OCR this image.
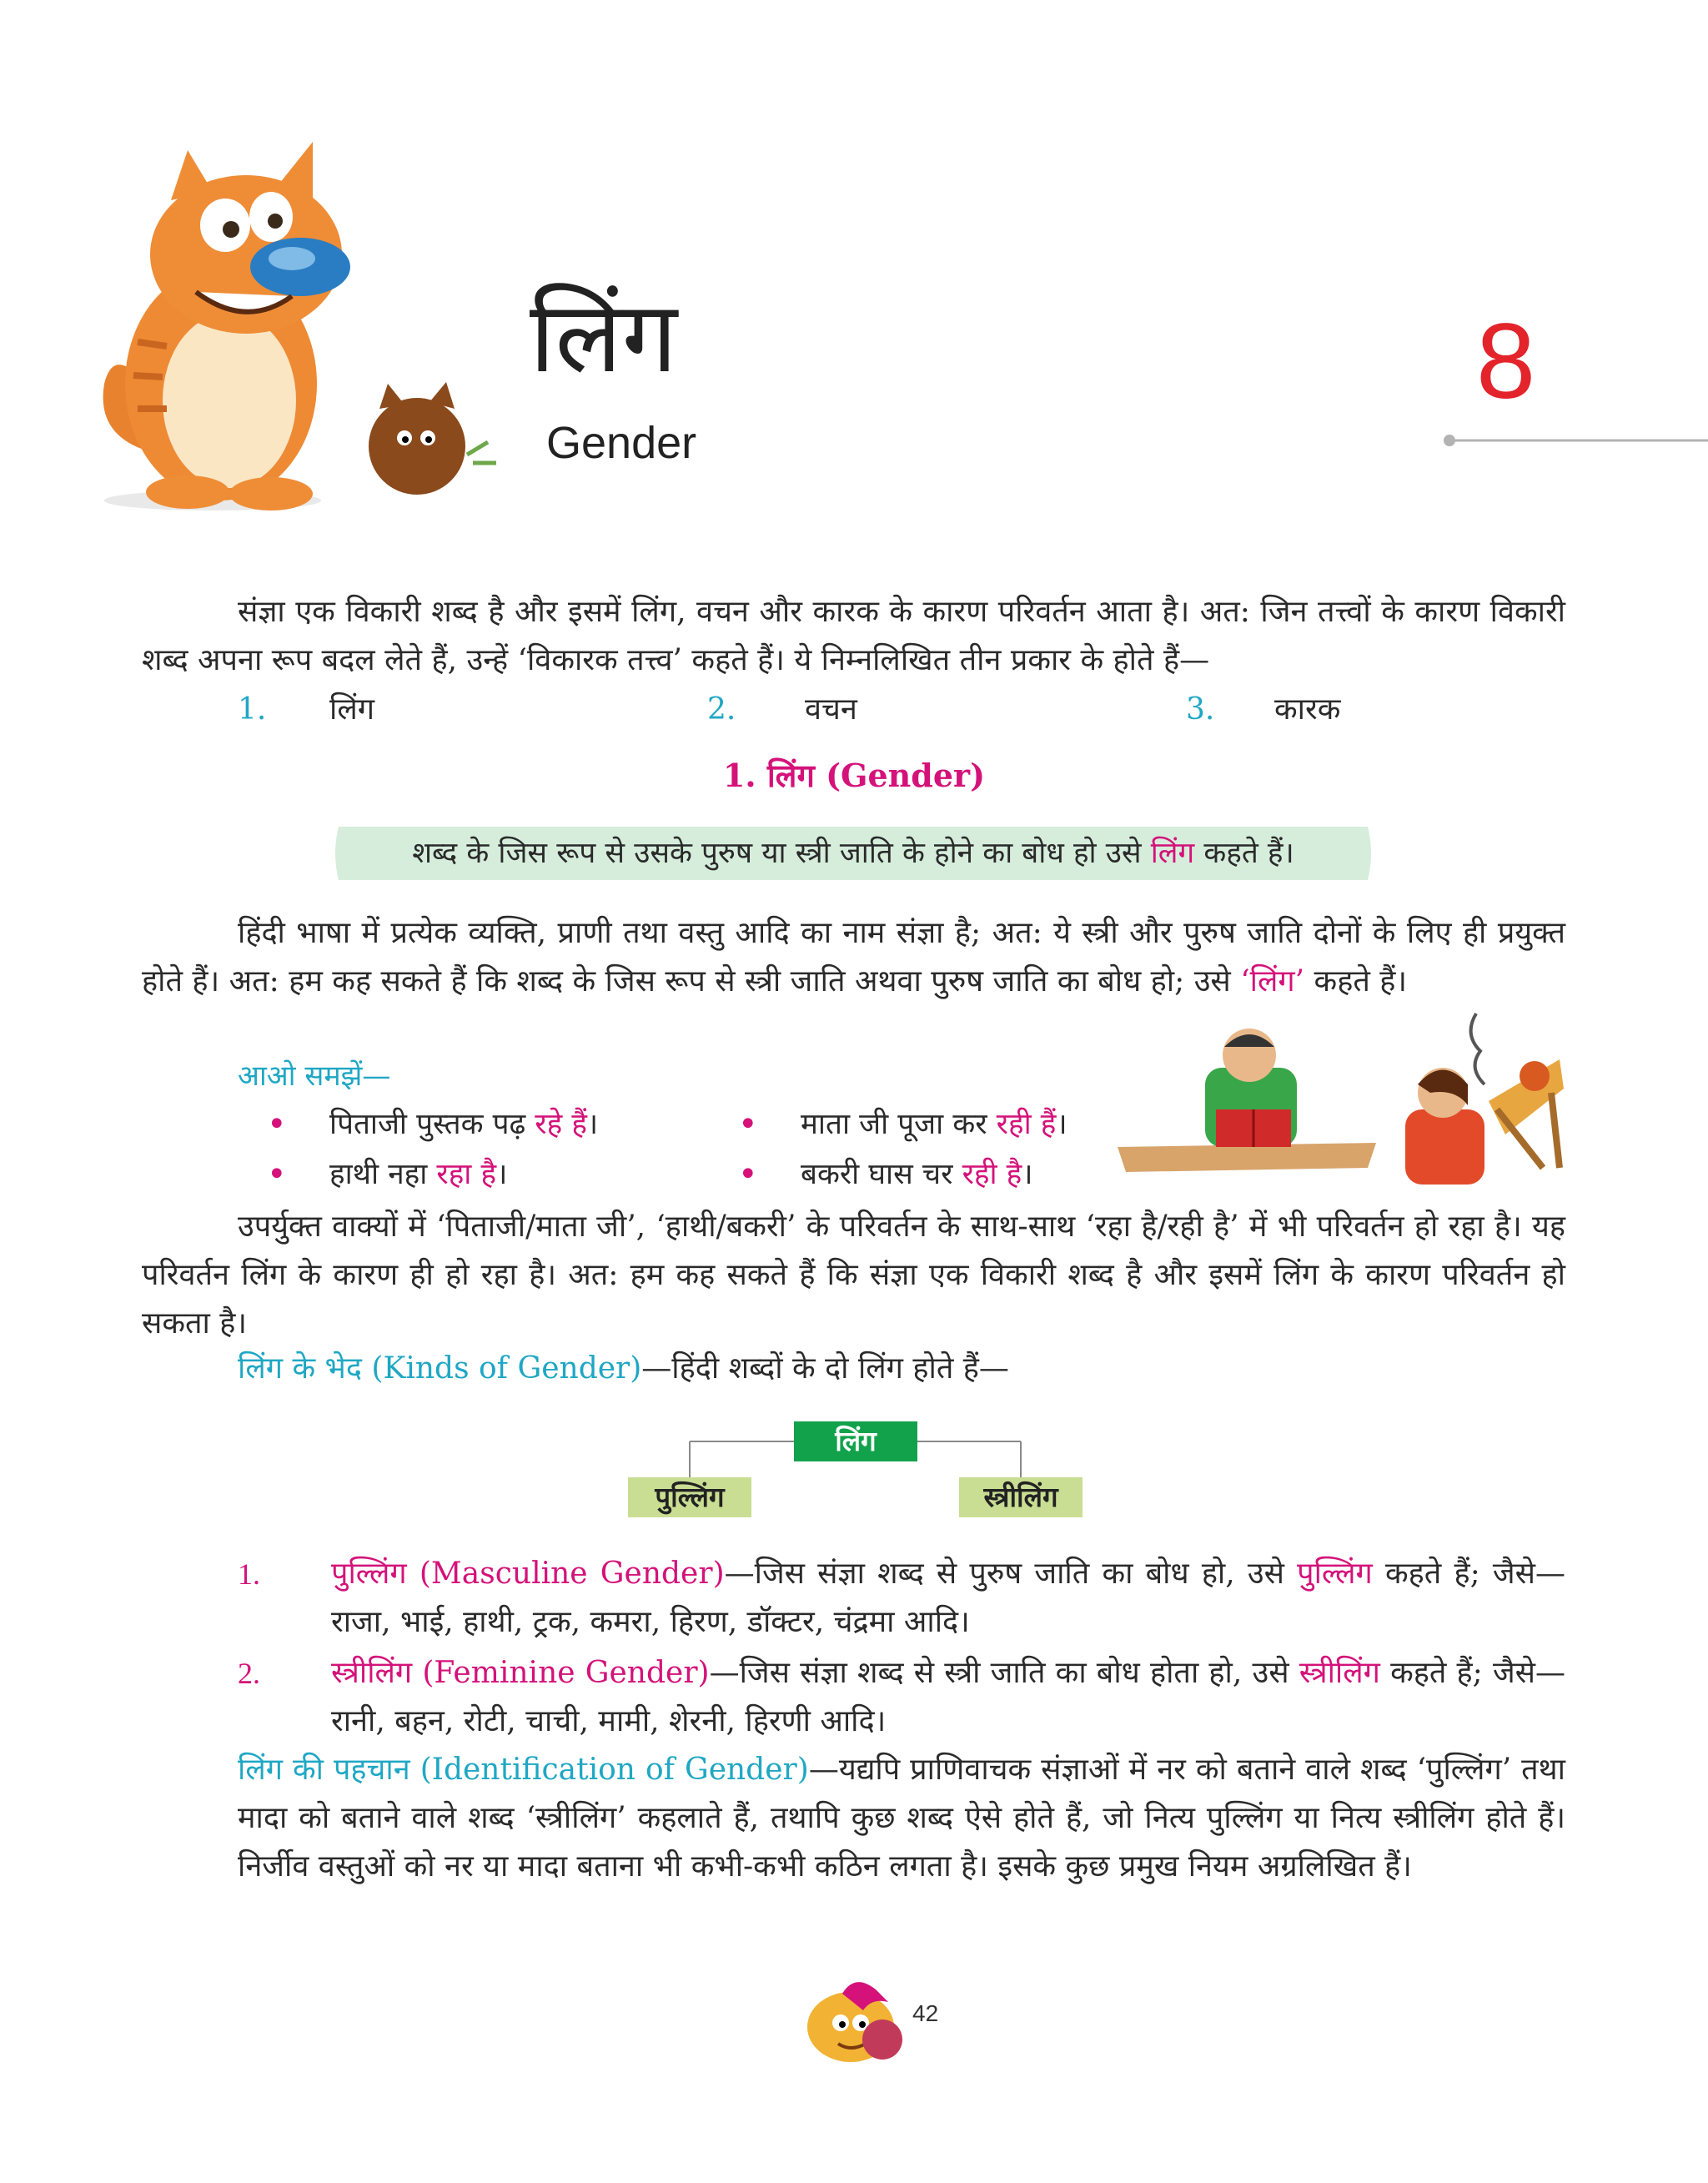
लिंग
Gender
8
संज्ञा एक विकारी शब्द है और इसमें लिंग, वचन और कारक के कारण परिवर्तन आता है। अत: जिन तत्त्वों के कारण विकारी शब्द अपना रूप बदल लेते हैं, उन्हें ‘विकारक तत्त्व’ कहते हैं। ये निम्नलिखित तीन प्रकार के होते हैं—
1. लिंग	2. वचन	3. कारक
1. लिंग (Gender)
शब्द के जिस रूप से उसके पुरुष या स्त्री जाति के होने का बोध हो उसे लिंग कहते हैं।
हिंदी भाषा में प्रत्येक व्यक्ति, प्राणी तथा वस्तु आदि का नाम संज्ञा है; अत: ये स्त्री और पुरुष जाति दोनों के लिए ही प्रयुक्त होते हैं। अत: हम कह सकते हैं कि शब्द के जिस रूप से स्त्री जाति अथवा पुरुष जाति का बोध हो; उसे ‘लिंग’ कहते हैं।
आओ समझें—
• पिताजी पुस्तक पढ़ रहे हैं।	• माता जी पूजा कर रही हैं।
• हाथी नहा रहा है।	• बकरी घास चर रही है।
उपर्युक्त वाक्यों में ‘पिताजी/माता जी’, ‘हाथी/बकरी’ के परिवर्तन के साथ-साथ ‘रहा है/रही है’ में भी परिवर्तन हो रहा है। यह परिवर्तन लिंग के कारण ही हो रहा है। अत: हम कह सकते हैं कि संज्ञा एक विकारी शब्द है और इसमें लिंग के कारण परिवर्तन हो सकता है।
लिंग के भेद (Kinds of Gender)—हिंदी शब्दों के दो लिंग होते हैं—
लिंग
पुल्लिंग	स्त्रीलिंग
1. पुल्लिंग (Masculine Gender)—जिस संज्ञा शब्द से पुरुष जाति का बोध हो, उसे पुल्लिंग कहते हैं; जैसे—राजा, भाई, हाथी, ट्रक, कमरा, हिरण, डॉक्टर, चंद्रमा आदि।
2. स्त्रीलिंग (Feminine Gender)—जिस संज्ञा शब्द से स्त्री जाति का बोध होता हो, उसे स्त्रीलिंग कहते हैं; जैसे—रानी, बहन, रोटी, चाची, मामी, शेरनी, हिरणी आदि।
लिंग की पहचान (Identification of Gender)—यद्यपि प्राणिवाचक संज्ञाओं में नर को बताने वाले शब्द ‘पुल्लिंग’ तथा मादा को बताने वाले शब्द ‘स्त्रीलिंग’ कहलाते हैं, तथापि कुछ शब्द ऐसे होते हैं, जो नित्य पुल्लिंग या नित्य स्त्रीलिंग होते हैं। निर्जीव वस्तुओं को नर या मादा बताना भी कभी-कभी कठिन लगता है। इसके कुछ प्रमुख नियम अग्रलिखित हैं।
42
